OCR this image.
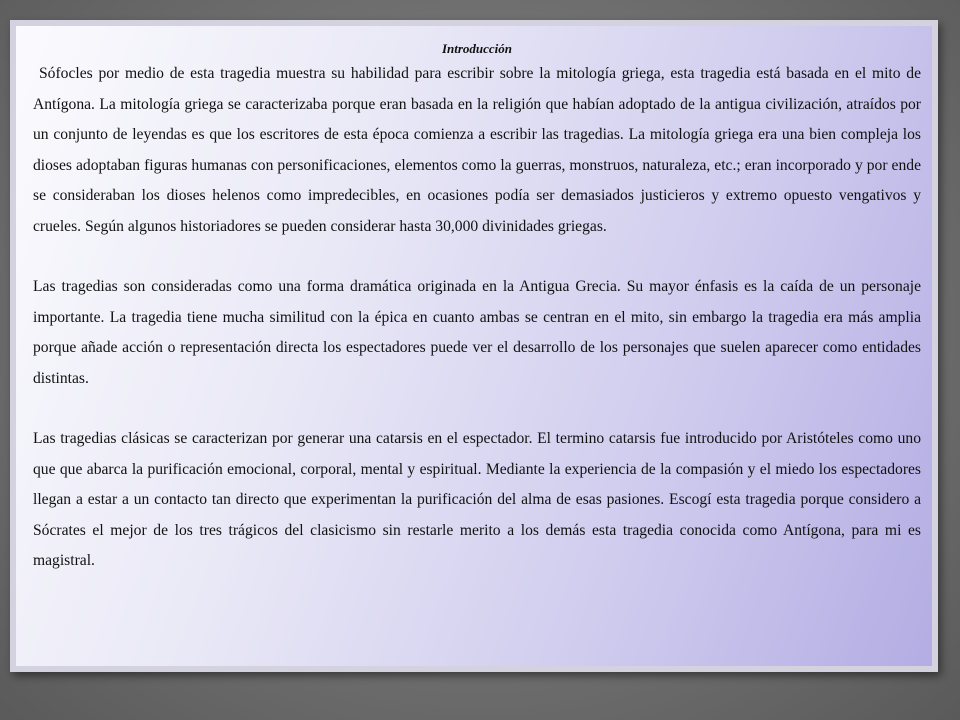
Introducción

Sófocles por medio de esta tragedia muestra su habilidad para escribir sobre la mitología griega, esta tragedia está basada en el mito de Antígona. La mitología griega se caracterizaba porque eran basada en la religión que habían adoptado de la antigua civilización, atraídos por un conjunto de leyendas es que los escritores de esta época comienza a escribir las tragedias. La mitología griega era una bien compleja los dioses adoptaban figuras humanas con personificaciones, elementos como la guerras, monstruos, naturaleza, etc.; eran incorporado y por ende se consideraban los dioses helenos como impredecibles, en ocasiones podía ser demasiados justicieros y extremo opuesto vengativos y crueles. Según algunos historiadores se pueden considerar hasta 30,000 divinidades griegas.

Las tragedias son consideradas como una forma dramática originada en la Antigua Grecia. Su mayor énfasis es la caída de un personaje importante. La tragedia tiene mucha similitud con la épica en cuanto ambas se centran en el mito, sin embargo la tragedia era más amplia porque añade acción o representación directa los espectadores puede ver el desarrollo de los personajes que suelen aparecer como entidades distintas.

Las tragedias clásicas se caracterizan por generar una catarsis en el espectador. El termino catarsis fue introducido por Aristóteles como uno que que abarca la purificación emocional, corporal, mental y espiritual. Mediante la experiencia de la compasión y el miedo los espectadores llegan a estar a un contacto tan directo que experimentan la purificación del alma de esas pasiones. Escogí esta tragedia porque considero a Sócrates el mejor de los tres trágicos del clasicismo sin restarle merito a los demás esta tragedia conocida como Antígona, para mi es magistral.
